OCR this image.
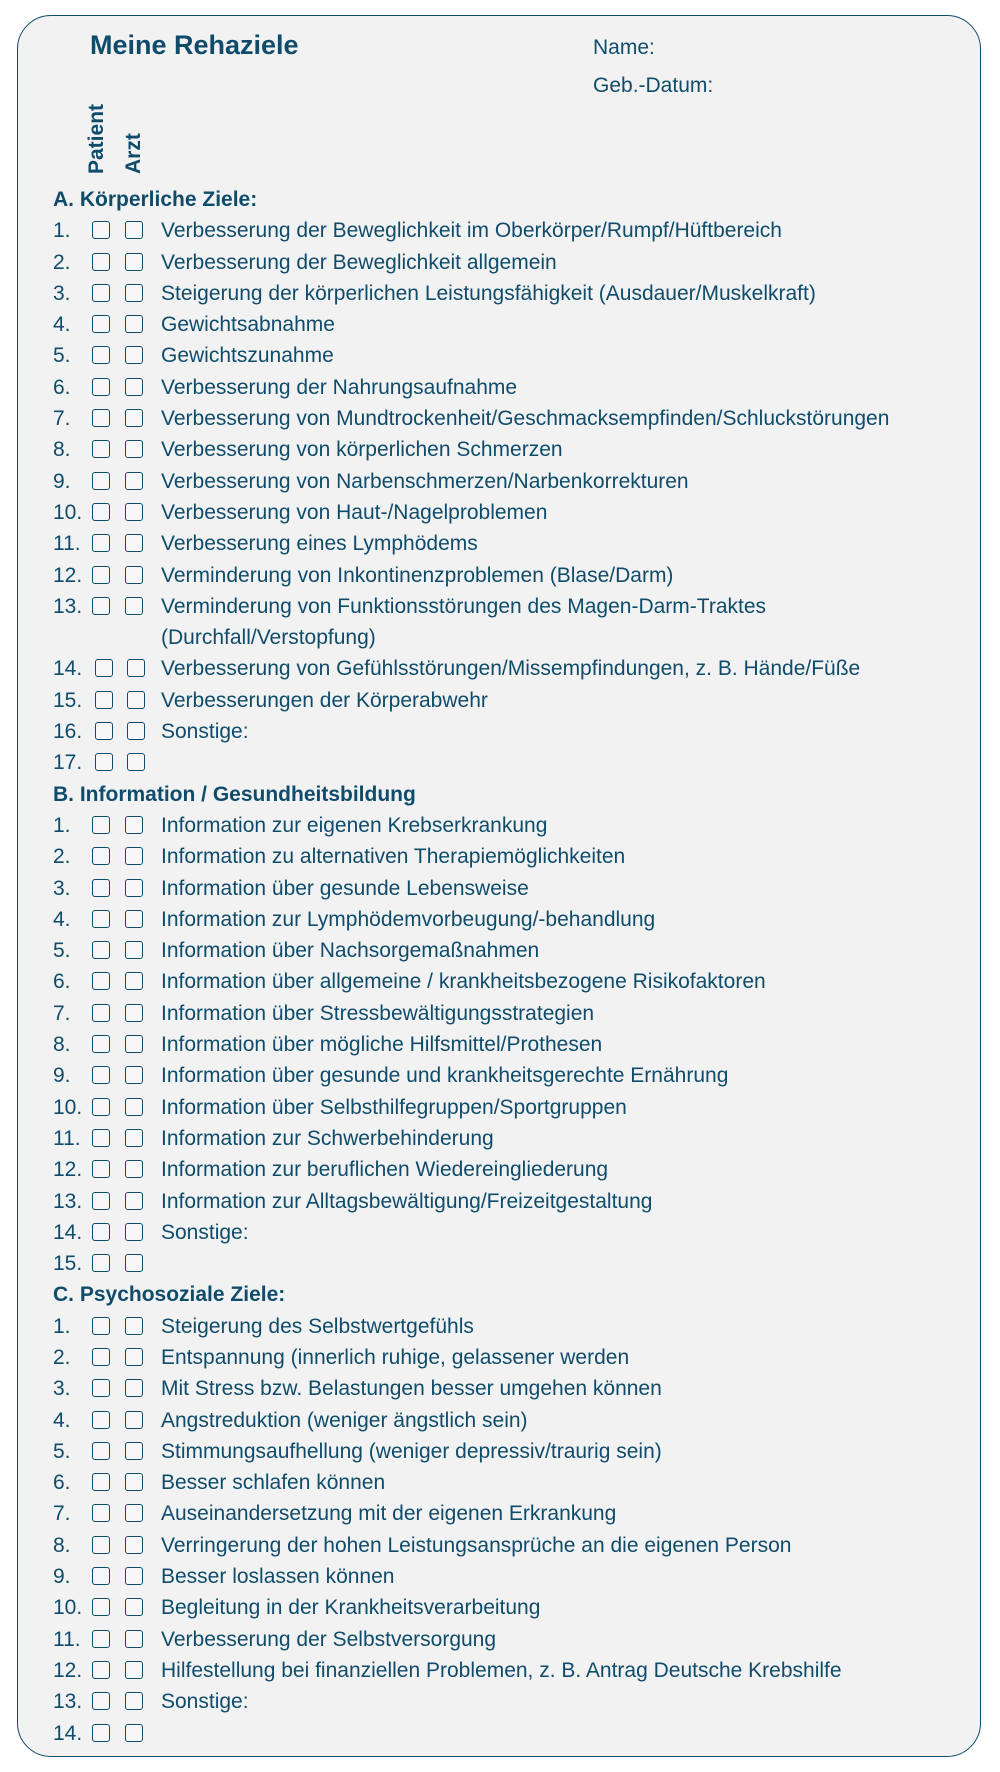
Meine Rehaziele	Name:
Geb.-Datum:
Patient Arzt
A. Körperliche Ziele:
1.	Verbesserung der Beweglichkeit im Oberkörper/Rumpf/Hüftbereich
2.	Verbesserung der Beweglichkeit allgemein
3.	Steigerung der körperlichen Leistungsfähigkeit (Ausdauer/Muskelkraft)
4.	Gewichtsabnahme
5.	Gewichtszunahme
6.	Verbesserung der Nahrungsaufnahme
7.	Verbesserung von Mundtrockenheit/Geschmacksempfinden/Schluckstörungen
8.	Verbesserung von körperlichen Schmerzen
9.	Verbesserung von Narbenschmerzen/Narbenkorrekturen
10.	Verbesserung von Haut-/Nagelproblemen
11.	Verbesserung eines Lymphödems
12.	Verminderung von Inkontinenzproblemen (Blase/Darm)
13.	Verminderung von Funktionsstörungen des Magen-Darm-Traktes
(Durchfall/Verstopfung)
14.	Verbesserung von Gefühlsstörungen/Missempfindungen, z. B. Hände/Füße
15.	Verbesserungen der Körperabwehr
16.	Sonstige:
17.
B. Information / Gesundheitsbildung
1.	Information zur eigenen Krebserkrankung
2.	Information zu alternativen Therapiemöglichkeiten
3.	Information über gesunde Lebensweise
4.	Information zur Lymphödemvorbeugung/-behandlung
5.	Information über Nachsorgemaßnahmen
6.	Information über allgemeine / krankheitsbezogene Risikofaktoren
7.	Information über Stressbewältigungsstrategien
8.	Information über mögliche Hilfsmittel/Prothesen
9.	Information über gesunde und krankheitsgerechte Ernährung
10.	Information über Selbsthilfegruppen/Sportgruppen
11.	Information zur Schwerbehinderung
12.	Information zur beruflichen Wiedereingliederung
13.	Information zur Alltagsbewältigung/Freizeitgestaltung
14.	Sonstige:
15.
C. Psychosoziale Ziele:
1.	Steigerung des Selbstwertgefühls
2.	Entspannung (innerlich ruhige, gelassener werden
3.	Mit Stress bzw. Belastungen besser umgehen können
4.	Angstreduktion (weniger ängstlich sein)
5.	Stimmungsaufhellung (weniger depressiv/traurig sein)
6.	Besser schlafen können
7.	Auseinandersetzung mit der eigenen Erkrankung
8.	Verringerung der hohen Leistungsansprüche an die eigenen Person
9.	Besser loslassen können
10.	Begleitung in der Krankheitsverarbeitung
11.	Verbesserung der Selbstversorgung
12.	Hilfestellung bei finanziellen Problemen, z. B. Antrag Deutsche Krebshilfe
13.	Sonstige:
14.
